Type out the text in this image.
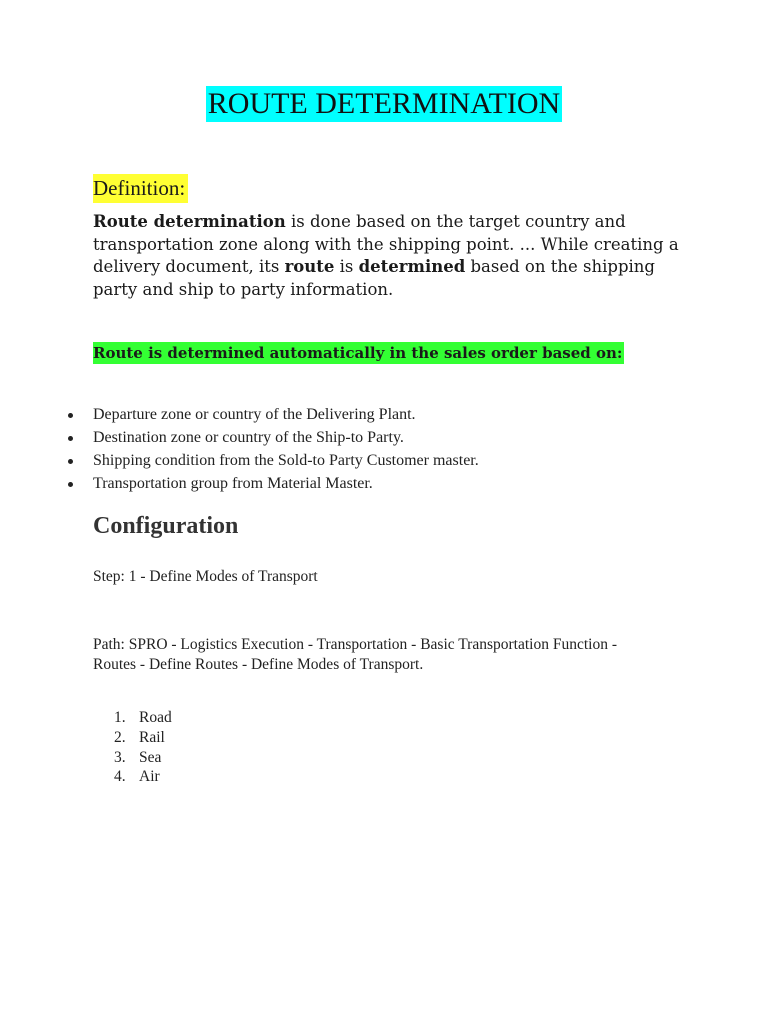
ROUTE DETERMINATION
Definition:

Route determination is done based on the target country and transportation zone along with the shipping point. ... While creating a delivery document, its route is determined based on the shipping party and ship to party information.

Route is determined automatically in the sales order based on:
Departure zone or country of the Delivering Plant.
Destination zone or country of the Ship-to Party.
Shipping condition from the Sold-to Party Customer master.
Transportation group from Material Master.
Configuration
Step: 1 - Define Modes of Transport
Path: SPRO - Logistics Execution - Transportation - Basic Transportation Function - Routes - Define Routes - Define Modes of Transport.
1. Road
2. Rail
3. Sea
4. Air
